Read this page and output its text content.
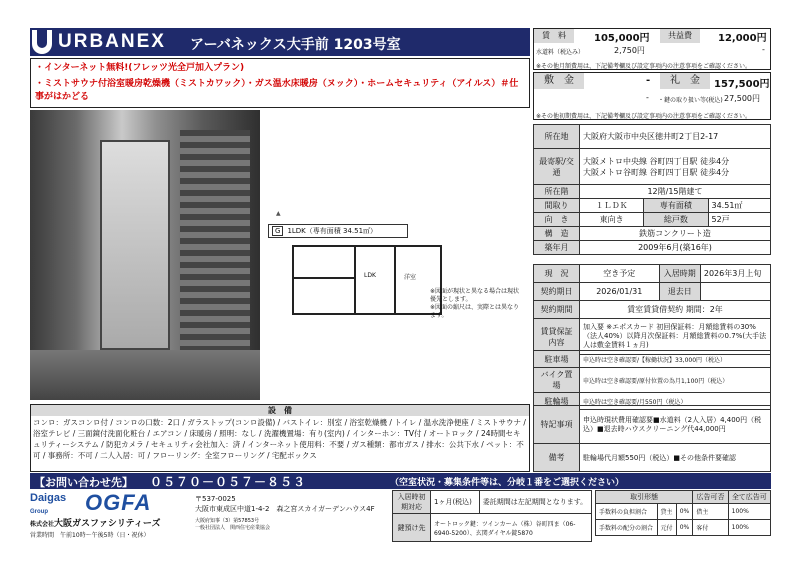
URBANEX アーバネックス大手前 1203号室
・インターネット無料!(フレッツ光全戸加入プラン)
・ミストサウナ付浴室暖房乾燥機（ミストカワック）・ガス温水床暖房（ヌック）・ホームセキュリティ（アイルス）＃仕事がはかどる
▲
G 1LDK（専有面積 34.51㎡）
LDK	洋室
※図面が現状と異なる場合は現状優先とします。
※図面の縮尺は、実際とは異なります。
賃　料	105,000円	共益費	12,000円
水道料（税込み）	2,750円	-
※その他月額費用は、下記備考欄及び設定事項内の注意事項をご確認ください。
敷　金	-	礼　金	157,500円
- ・鍵の取り扱い等(税込) 27,500円
※その他初期費用は、下記備考欄及び設定事項内の注意事項をご確認ください。
所在地	大阪府大阪市中央区徳井町2丁目2-17		
最寄駅/交通	大阪メトロ中央線 谷町四丁目駅 徒歩4分
大阪メトロ谷町線 谷町四丁目駅 徒歩4分		

所在階	12階/15階建て		
間取り	１ＬＤＫ	専有面積	34.51㎡
向　き	東向き	総戸数	52戸
構　造	鉄筋コンクリート造		
築年月	2009年6月(築16年)		
現　況	空き予定	入居時期	2026年3月上旬
契約期日	2026/01/31	退去日	
契約期間	賃室賃貸借契約 期間：2年		
賃貸保証内容	加入要 ※エポスカード 初回保証料：月額総賃料の30%（法人40%）以降月次保証料：月額総賃料の0.7%(大手法人は敷金賃料１ヵ月)		
駐車場	申込時は空き確認要/【稼働状況】33,000円（税込）
バイク置場	申込時は空き確認要/原付位置の為月1,100円（税込）
駐輪場	申込時は空き確認要/月550円（税込）
特記事項	申込時現状費用確認要■水道料（2人入居）4,400円（税込）■退去時ハウスクリーニング代44,000円
備考	駐輪場代月額550円（税込）■その他条件要確認
設　備
コンロ：ガスコンロ付 / コンロの口数：2口 / ガラストップ(コンロ設備) / バストイレ：別室 / 浴室乾燥機 / トイレ / 温水洗浄便座 / ミストサウナ / 浴室テレビ / 三面鏡付洗面化粧台 / エアコン / 床暖房 / 照明：なし / 洗濯機置場：有り(室内) / インターホン：TV付 / オートロック / 24時間セキュリティーシステム / 防犯カメラ / セキュリティ会社加入：済 / インターネット使用料：不要 / ガス種類：都市ガス / 排水：公共下水 / ペット：不可 / 事務所：不可 / 二人入居：可 / フローリング：全室フローリング / 宅配ボックス
【お問い合わせ先】 ０５７０－０５７－８５３	（空室状況・募集条件等は、分岐１番をご選択ください）
Daigas
Group	OGFA
株式会社大阪ガスファシリティーズ
営業時間　午前10時〜午後5時（日・祝休）
〒537-0025
大阪市東成区中道1-4-2　森之宮スカイガーデンハウス4F
大阪府知事（3）第57853号
一般社団法人　関西住宅産業協会
入居時初期対応	1ヶ月(税込)	委託期間は左記期間となります。
鍵預け先	オートロック鍵：ツインカーム（株）谷町四ま（06-6940-5200）、玄関ダイヤル錠5870	
取引形態			広告可否	全て広告可
手数料の負担割合	貸主	0%	借主	100%
手数料の配分の割合	元付	0%	客付	100%
